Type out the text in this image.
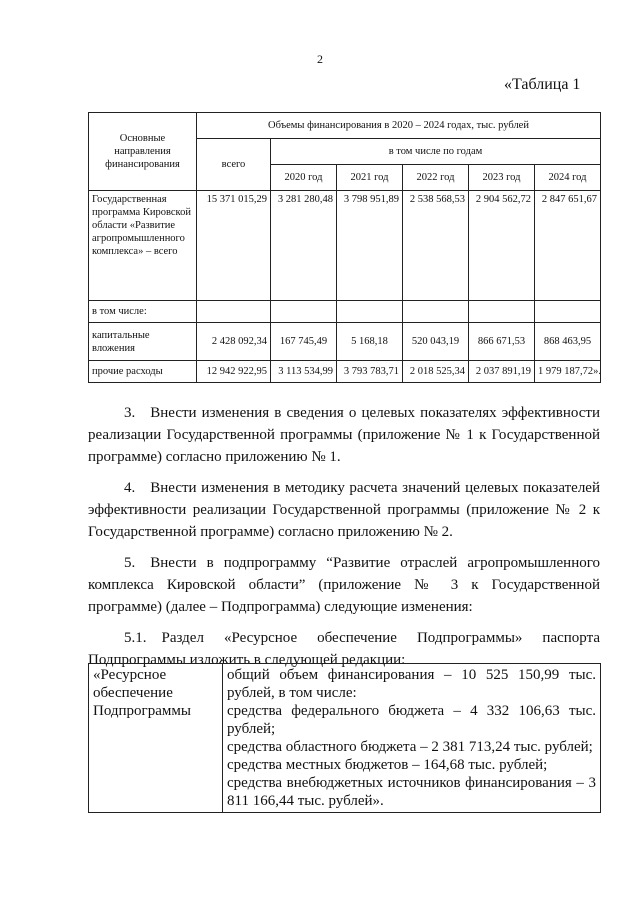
2
«Таблица 1
Основные направления финансирования	Объемы финансирования в 2020 – 2024 годах, тыс. рублей					
	всего	в том числе по годам				
		2020 год	2021 год	2022 год	2023 год	2024 год
Государственная программа Кировской области «Развитие агропромышленного комплекса» – всего	15 371 015,29	3 281 280,48	3 798 951,89	2 538 568,53	2 904 562,72	2 847 651,67
в том числе:						
капитальные вложения	2 428 092,34	167 745,49	5 168,18	520 043,19	866 671,53	868 463,95
прочие расходы	12 942 922,95	3 113 534,99	3 793 783,71	2 018 525,34	2 037 891,19	1 979 187,72».

3. Внести изменения в сведения о целевых показателях эффективности реализации Государственной программы (приложение № 1 к Государственной программе) согласно приложению № 1.

4. Внести изменения в методику расчета значений целевых показателей эффективности реализации Государственной программы (приложение № 2 к Государственной программе) согласно приложению № 2.

5. Внести в подпрограмму “Развитие отраслей агропромышленного комплекса Кировской области” (приложение № 3 к Государственной программе) (далее – Подпрограмма) следующие изменения:

5.1. Раздел «Ресурсное обеспечение Подпрограммы» паспорта Подпрограммы изложить в следующей редакции:

«Ресурсное обеспечение Подпрограммы	
общий объем финансирования – 10 525 150,99 тыс. рублей, в том числе:
средства федерального бюджета – 4 332 106,63 тыс. рублей;
средства областного бюджета – 2 381 713,24 тыс. рублей;
средства местных бюджетов – 164,68 тыс. рублей;
средства внебюджетных источников финансирования – 3 811 166,44 тыс. рублей».
